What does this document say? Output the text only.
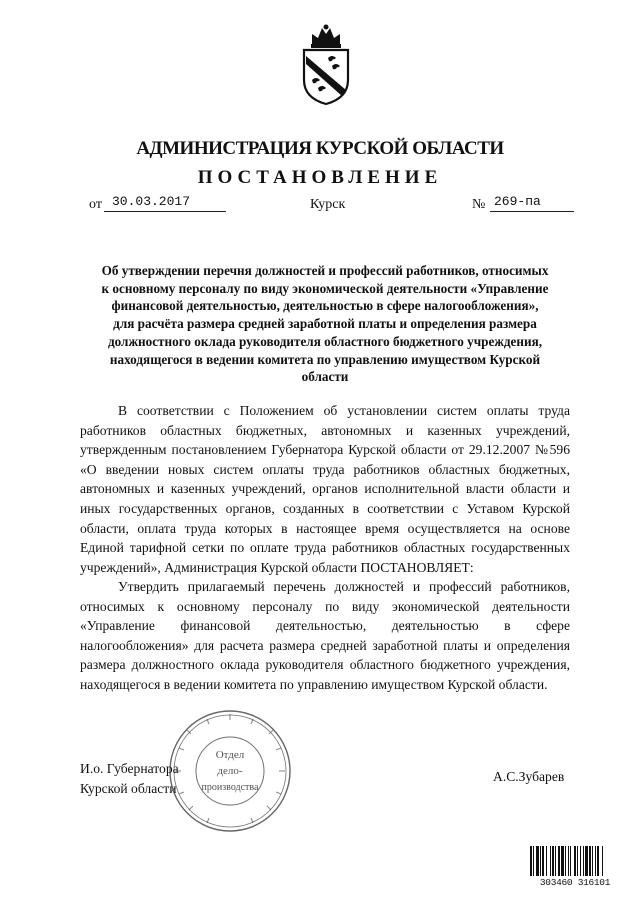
АДМИНИСТРАЦИЯ КУРСКОЙ ОБЛАСТИ
ПОСТАНОВЛЕНИЕ
от 30.03.2017	Курск	№ 269-па
Об утверждении перечня должностей и профессий работников, относимых к основному персоналу по виду экономической деятельности «Управление финансовой деятельностью, деятельностью в сфере налогообложения», для расчёта размера средней заработной платы и определения размера должностного оклада руководителя областного бюджетного учреждения, находящегося в ведении комитета по управлению имуществом Курской области
В соответствии с Положением об установлении систем оплаты труда работников областных бюджетных, автономных и казенных учреждений, утвержденным постановлением Губернатора Курской области от 29.12.2007 №596 «О введении новых систем оплаты труда работников областных бюджетных, автономных и казенных учреждений, органов исполнительной власти области и иных государственных органов, созданных в соответствии с Уставом Курской области, оплата труда которых в настоящее время осуществляется на основе Единой тарифной сетки по оплате труда работников областных государственных учреждений», Администрация Курской области ПОСТАНОВЛЯЕТ:
Утвердить прилагаемый перечень должностей и профессий работников, относимых к основному персоналу по виду экономической деятельности «Управление финансовой деятельностью, деятельностью в сфере налогообложения» для расчета размера средней заработной платы и определения размера должностного оклада руководителя областного бюджетного учреждения, находящегося в ведении комитета по управлению имуществом Курской области.
И.о. Губернатора
Курской области
А.С.Зубарев
Отдел
дело-
производства
303460 316101
